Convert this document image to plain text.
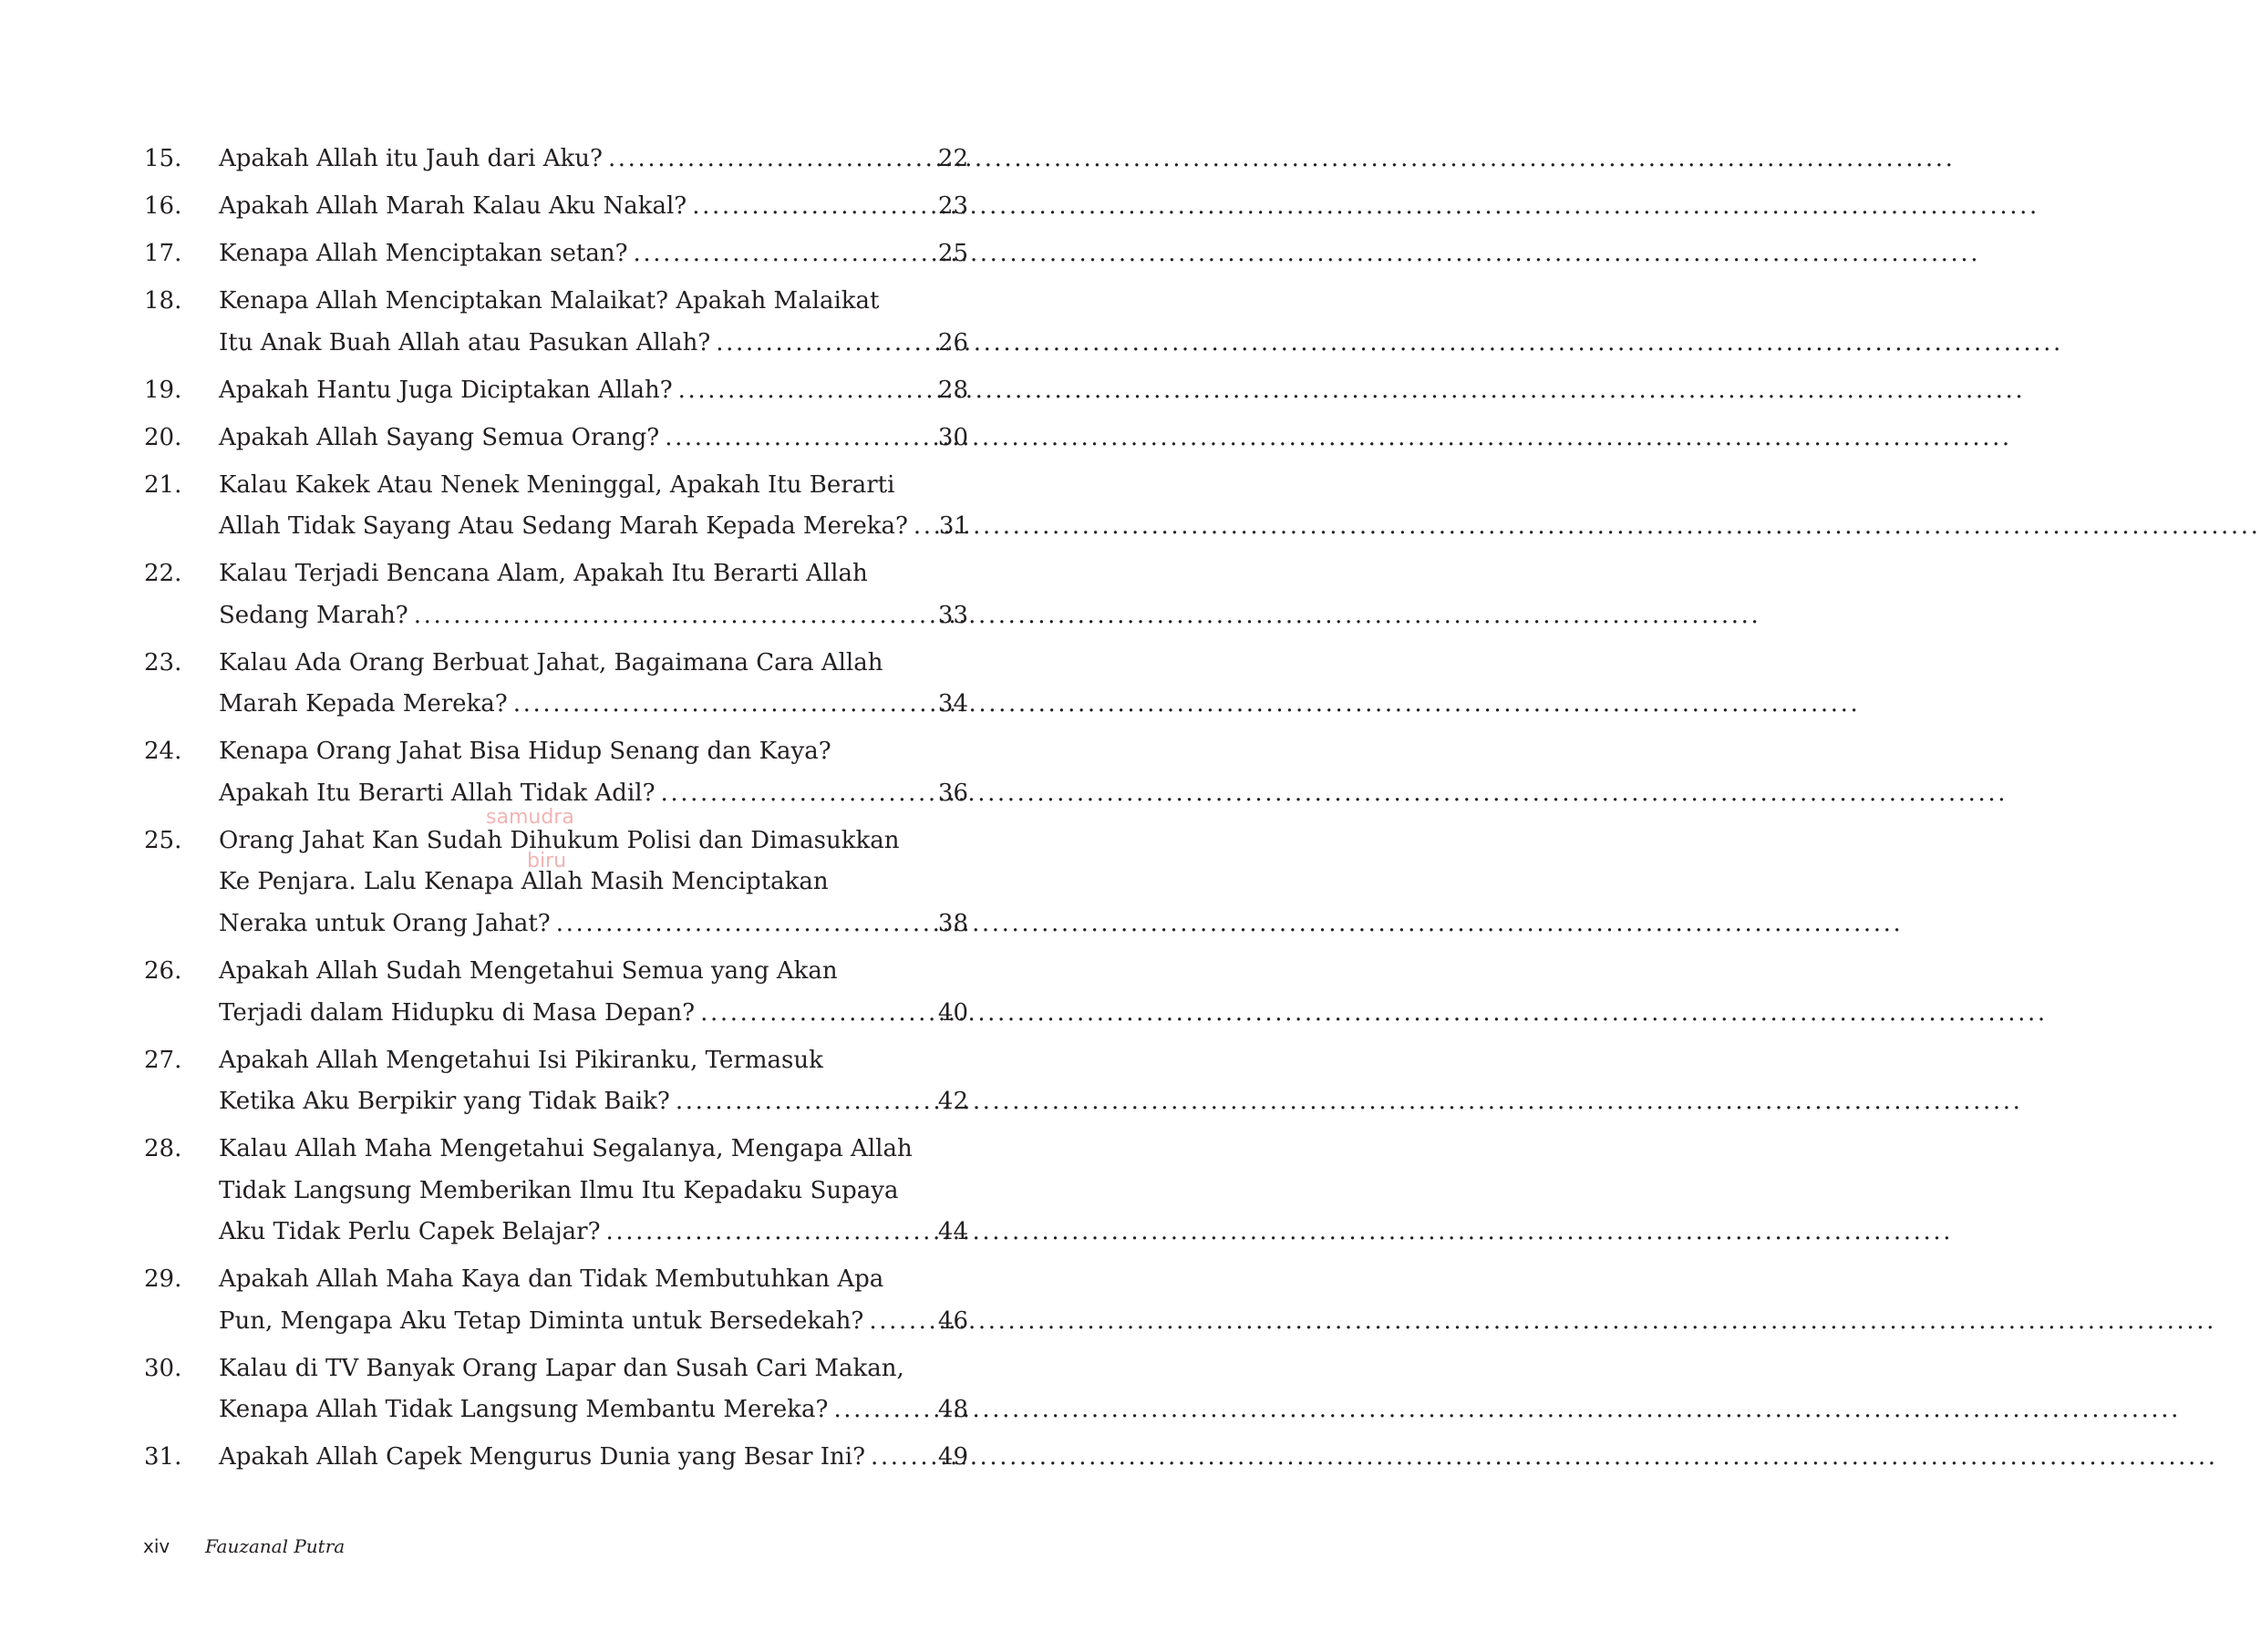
15.	Apakah Allah itu Jauh dari Aku? .....	22
16.	Apakah Allah Marah Kalau Aku Nakal? .....	23
17.	Kenapa Allah Menciptakan setan? .....	25
18.	Kenapa Allah Menciptakan Malaikat? Apakah Malaikat
Itu Anak Buah Allah atau Pasukan Allah? .....	26
19.	Apakah Hantu Juga Diciptakan Allah? .....	28
20.	Apakah Allah Sayang Semua Orang? .....	30
21.	Kalau Kakek Atau Nenek Meninggal, Apakah Itu Berarti
Allah Tidak Sayang Atau Sedang Marah Kepada Mereka? ..... 31
22.	Kalau Terjadi Bencana Alam, Apakah Itu Berarti Allah
Sedang Marah? .....	33
23.	Kalau Ada Orang Berbuat Jahat, Bagaimana Cara Allah
Marah Kepada Mereka? .....	34
24.	Kenapa Orang Jahat Bisa Hidup Senang dan Kaya?
Apakah Itu Berarti Allah Tidak Adil? .....	36
25.	Orang Jahat Kan Sudah Dihukum Polisi dan Dimasukkan
Ke Penjara. Lalu Kenapa Allah Masih Menciptakan
Neraka untuk Orang Jahat? .....	38
26.	Apakah Allah Sudah Mengetahui Semua yang Akan
Terjadi dalam Hidupku di Masa Depan? .....	40
27.	Apakah Allah Mengetahui Isi Pikiranku, Termasuk
Ketika Aku Berpikir yang Tidak Baik? .....	42
28.	Kalau Allah Maha Mengetahui Segalanya, Mengapa Allah
Tidak Langsung Memberikan Ilmu Itu Kepadaku Supaya
Aku Tidak Perlu Capek Belajar? .....	44
29.	Apakah Allah Maha Kaya dan Tidak Membutuhkan Apa
Pun, Mengapa Aku Tetap Diminta untuk Bersedekah? .....	46
30.	Kalau di TV Banyak Orang Lapar dan Susah Cari Makan,
Kenapa Allah Tidak Langsung Membantu Mereka? .....	48
31.	Apakah Allah Capek Mengurus Dunia yang Besar Ini? .....	49
samudra
biru
xiv	Fauzanal Putra
